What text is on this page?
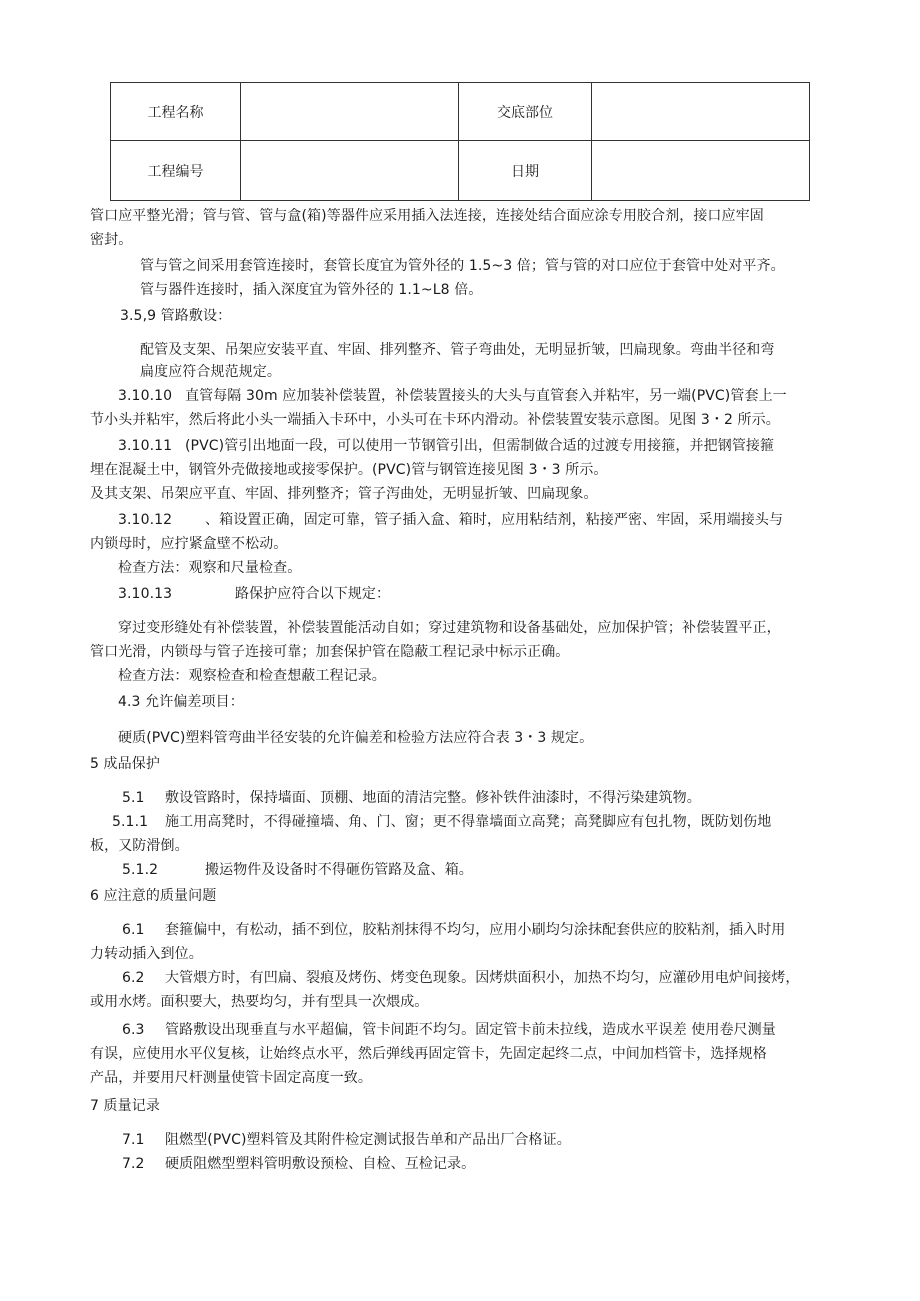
工程名称		交底部位	
工程编号		日期	
管口应平整光滑；管与管、管与盒(箱)等器件应采用插入法连接，连接处结合面应涂专用胶合剂，接口应牢固
密封。
管与管之间采用套管连接时，套管长度宜为管外径的 1.5~3 倍；管与管的对口应位于套管中处对平齐。
管与器件连接时，插入深度宜为管外径的 1.1~L8 倍。
3.5,9 管路敷设：
配管及支架、吊架应安装平直、牢固、排列整齐、管子弯曲处，无明显折皱，凹扁现象。弯曲半径和弯
扁度应符合规范规定。
3.10.10 直管每隔 30m 应加装补偿装置，补偿装置接头的大头与直管套入并粘牢，另一端(PVC)管套上一
节小头并粘牢，然后将此小头一端插入卡环中，小头可在卡环内滑动。补偿装置安装示意图。见图 3・2 所示。
3.10.11 (PVC)管引出地面一段，可以使用一节钢管引出，但需制做合适的过渡专用接箍，并把钢管接箍
埋在混凝土中，钢管外壳做接地或接零保护。(PVC)管与钢管连接见图 3・3 所示。
及其支架、吊架应平直、牢固、排列整齐；管子泻曲处，无明显折皱、凹扁现象。
3.10.12 、箱设置正确，固定可靠，管子插入盒、箱时，应用粘结剂，粘接严密、牢固，采用端接头与
内锁母时，应拧紧盒壁不松动。
检查方法：观察和尺量检查。
3.10.13	路保护应符合以下规定：
穿过变形缝处有补偿装置，补偿装置能活动自如；穿过建筑物和设备基础处，应加保护管；补偿装置平正，
管口光滑，内锁母与管子连接可靠；加套保护管在隐蔽工程记录中标示正确。
检查方法：观察检查和检查想蔽工程记录。
4.3 允许偏差项目：
硬质(PVC)塑料管弯曲半径安装的允许偏差和检验方法应符合表 3・3 规定。
5 成品保护
5.1 敷设管路时，保持墙面、顶棚、地面的清洁完整。修补铁件油漆时，不得污染建筑物。
5.1.1 施工用高凳时，不得碰撞墙、角、门、窗；更不得靠墙面立高凳；高凳脚应有包扎物，既防划伤地
板，又防滑倒。
5.1.2	搬运物件及设备时不得砸伤管路及盒、箱。
6 应注意的质量问题
6.1 套箍偏中，有松动，插不到位，胶粘剂抹得不均匀，应用小刷均匀涂抹配套供应的胶粘剂，插入时用
力转动插入到位。
6.2 大管煨方时，有凹扁、裂痕及烤伤、烤变色现象。因烤烘面积小，加热不均匀，应灌砂用电炉间接烤，
或用水烤。面积要大，热要均匀，并有型具一次煨成。
6.3 管路敷设出现垂直与水平超偏，管卡间距不均匀。固定管卡前未拉线，造成水平误差 使用卷尺测量
有误，应使用水平仪复核，让始终点水平，然后弹线再固定管卡，先固定起终二点，中间加档管卡，选择规格
产品，并要用尺杆测量使管卡固定高度一致。
7 质量记录
7.1 阻燃型(PVC)塑料管及其附件检定测试报告单和产品出厂合格证。
7.2 硬质阻燃型塑料管明敷设预检、自检、互检记录。
